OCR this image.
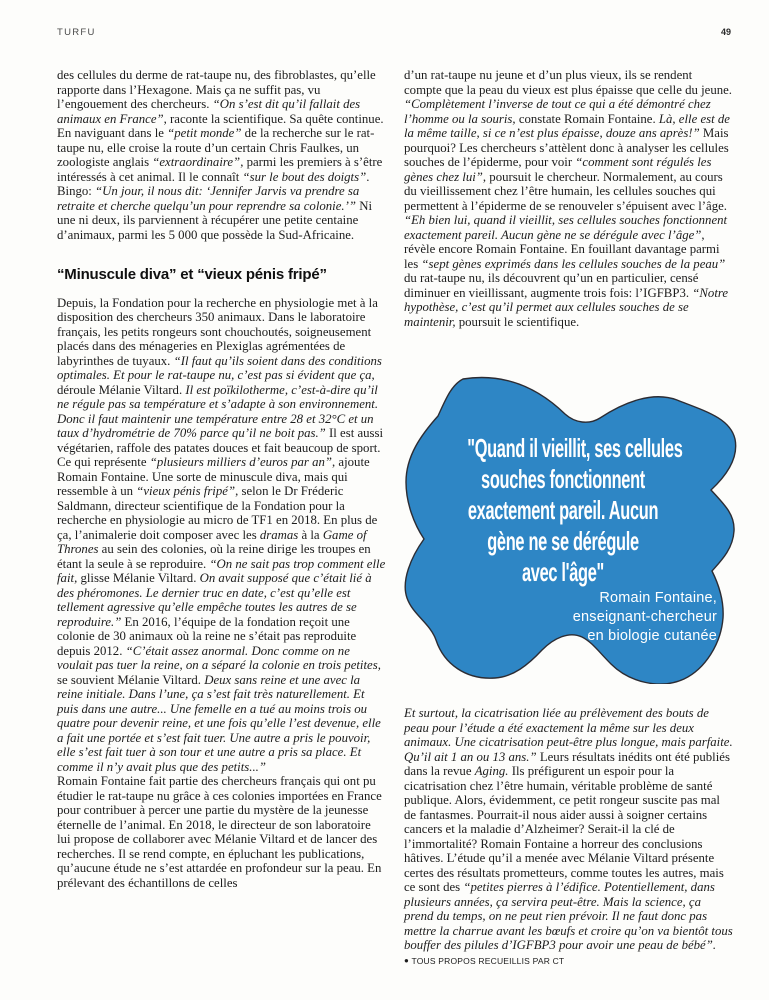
TURFU	49

des cellules du derme de rat-taupe nu, des fibroblastes, qu’elle rapporte dans l’Hexagone. Mais ça ne suffit pas, vu l’engouement des chercheurs. “On s’est dit qu’il fallait des animaux en France”, raconte la scientifique. Sa quête continue. En naviguant dans le “petit monde” de la recherche sur le rat-taupe nu, elle croise la route d’un certain Chris Faulkes, un zoologiste anglais “extraordinaire”, parmi les premiers à s’être intéressés à cet animal. Il le connaît “sur le bout des doigts”. Bingo: “Un jour, il nous dit: ‘Jennifer Jarvis va prendre sa retraite et cherche quelqu’un pour reprendre sa colonie.’” Ni une ni deux, ils parviennent à récupérer une petite centaine d’animaux, parmi les 5 000 que possède la Sud-Africaine.

“Minuscule diva” et “vieux pénis fripé”

Depuis, la Fondation pour la recherche en physiologie met à la disposition des chercheurs 350 animaux. Dans le laboratoire français, les petits rongeurs sont chouchoutés, soigneusement placés dans des ménageries en Plexiglas agrémentées de labyrinthes de tuyaux. “Il faut qu’ils soient dans des conditions optimales. Et pour le rat-taupe nu, c’est pas si évident que ça, déroule Mélanie Viltard. Il est poïkilotherme, c’est-à-dire qu’il ne régule pas sa température et s’adapte à son environnement. Donc il faut maintenir une température entre 28 et 32°C et un taux d’hydrométrie de 70% parce qu’il ne boit pas.” Il est aussi végétarien, raffole des patates douces et fait beaucoup de sport. Ce qui représente “plusieurs milliers d’euros par an”, ajoute Romain Fontaine. Une sorte de minuscule diva, mais qui ressemble à un “vieux pénis fripé”, selon le Dr Fréderic Saldmann, directeur scientifique de la Fondation pour la recherche en physiologie au micro de TF1 en 2018. En plus de ça, l’animalerie doit composer avec les dramas à la Game of Thrones au sein des colonies, où la reine dirige les troupes en étant la seule à se reproduire. “On ne sait pas trop comment elle fait, glisse Mélanie Viltard. On avait supposé que c’était lié à des phéromones. Le dernier truc en date, c’est qu’elle est tellement agressive qu’elle empêche toutes les autres de se reproduire.” En 2016, l’équipe de la fondation reçoit une colonie de 30 animaux où la reine ne s’était pas reproduite depuis 2012. “C’était assez anormal. Donc comme on ne voulait pas tuer la reine, on a séparé la colonie en trois petites, se souvient Mélanie Viltard. Deux sans reine et une avec la reine initiale. Dans l’une, ça s’est fait très naturellement. Et puis dans une autre... Une femelle en a tué au moins trois ou quatre pour devenir reine, et une fois qu’elle l’est devenue, elle a fait une portée et s’est fait tuer. Une autre a pris le pouvoir, elle s’est fait tuer à son tour et une autre a pris sa place. Et comme il n’y avait plus que des petits...”

Romain Fontaine fait partie des chercheurs français qui ont pu étudier le rat-taupe nu grâce à ces colonies importées en France pour contribuer à percer une partie du mystère de la jeunesse éternelle de l’animal. En 2018, le directeur de son laboratoire lui propose de collaborer avec Mélanie Viltard et de lancer des recherches. Il se rend compte, en épluchant les publications, qu’aucune étude ne s’est attardée en profondeur sur la peau. En prélevant des échantillons de celles

d’un rat-taupe nu jeune et d’un plus vieux, ils se rendent compte que la peau du vieux est plus épaisse que celle du jeune. “Complètement l’inverse de tout ce qui a été démontré chez l’homme ou la souris, constate Romain Fontaine. Là, elle est de la même taille, si ce n’est plus épaisse, douze ans après!” Mais pourquoi? Les chercheurs s’attèlent donc à analyser les cellules souches de l’épiderme, pour voir “comment sont régulés les gènes chez lui”, poursuit le chercheur. Normalement, au cours du vieillissement chez l’être humain, les cellules souches qui permettent à l’épiderme de se renouveler s’épuisent avec l’âge. “Eh bien lui, quand il vieillit, ses cellules souches fonctionnent exactement pareil. Aucun gène ne se dérégule avec l’âge”, révèle encore Romain Fontaine. En fouillant davantage parmi les “sept gènes exprimés dans les cellules souches de la peau” du rat-taupe nu, ils découvrent qu’un en particulier, censé diminuer en vieillissant, augmente trois fois: l’IGFBP3. “Notre hypothèse, c’est qu’il permet aux cellules souches de se maintenir, poursuit le scientifique.

Et surtout, la cicatrisation liée au prélèvement des bouts de peau pour l’étude a été exactement la même sur les deux animaux. Une cicatrisation peut-être plus longue, mais parfaite. Qu’il ait 1 an ou 13 ans.” Leurs résultats inédits ont été publiés dans la revue Aging. Ils préfigurent un espoir pour la cicatrisation chez l’être humain, véritable problème de santé publique. Alors, évidemment, ce petit rongeur suscite pas mal de fantasmes. Pourrait-il nous aider aussi à soigner certains cancers et la maladie d’Alzheimer? Serait-il la clé de l’immortalité? Romain Fontaine a horreur des conclusions hâtives. L’étude qu’il a menée avec Mélanie Viltard présente certes des résultats prometteurs, comme toutes les autres, mais ce sont des “petites pierres à l’édifice. Potentiellement, dans plusieurs années, ça servira peut-être. Mais la science, ça prend du temps, on ne peut rien prévoir. Il ne faut donc pas mettre la charrue avant les bœufs et croire qu’on va bientôt tous bouffer des pilules d’IGFBP3 pour avoir une peau de bébé”. ● TOUS PROPOS RECUEILLIS PAR CT

"Quand il vieillit, ses cellules
souches fonctionnent
exactement pareil. Aucun
gène ne se dérégule
avec l'âge"
Romain Fontaine,
enseignant-chercheur
en biologie cutanée
